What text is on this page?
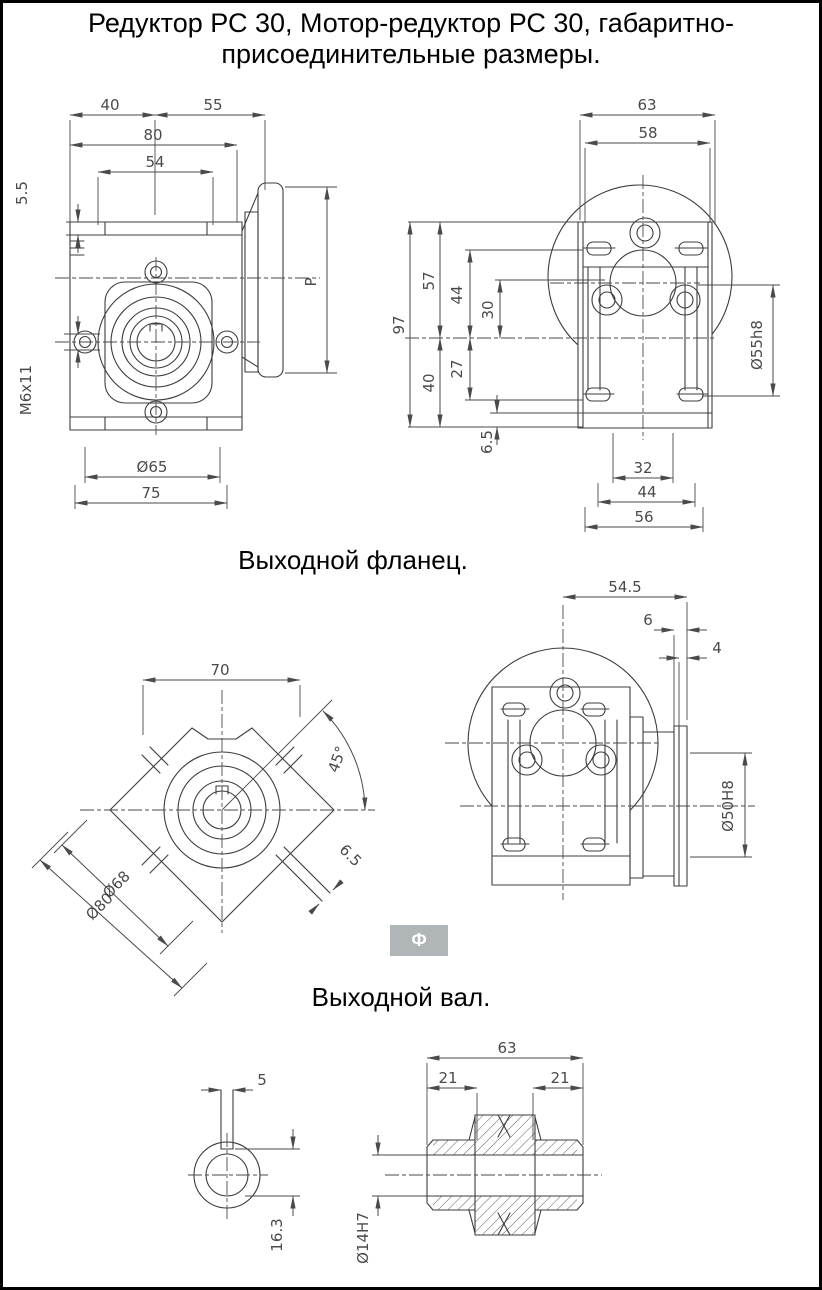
Редуктор РС 30, Мотор-редуктор РС 30, габаритно-
присоединительные размеры.
40	55
80
54
5.5
M6x11
Ø65
75
P
63
58
97
57
40
44
27
30
6.5
32
44
56
Ø55h8
Выходной фланец.
70
45°
6.5
Ø68
Ø80
54.5
6
4
Ø50H8
Ф
Выходной вал.
5
16.3
63
21	21
Ø14H7
